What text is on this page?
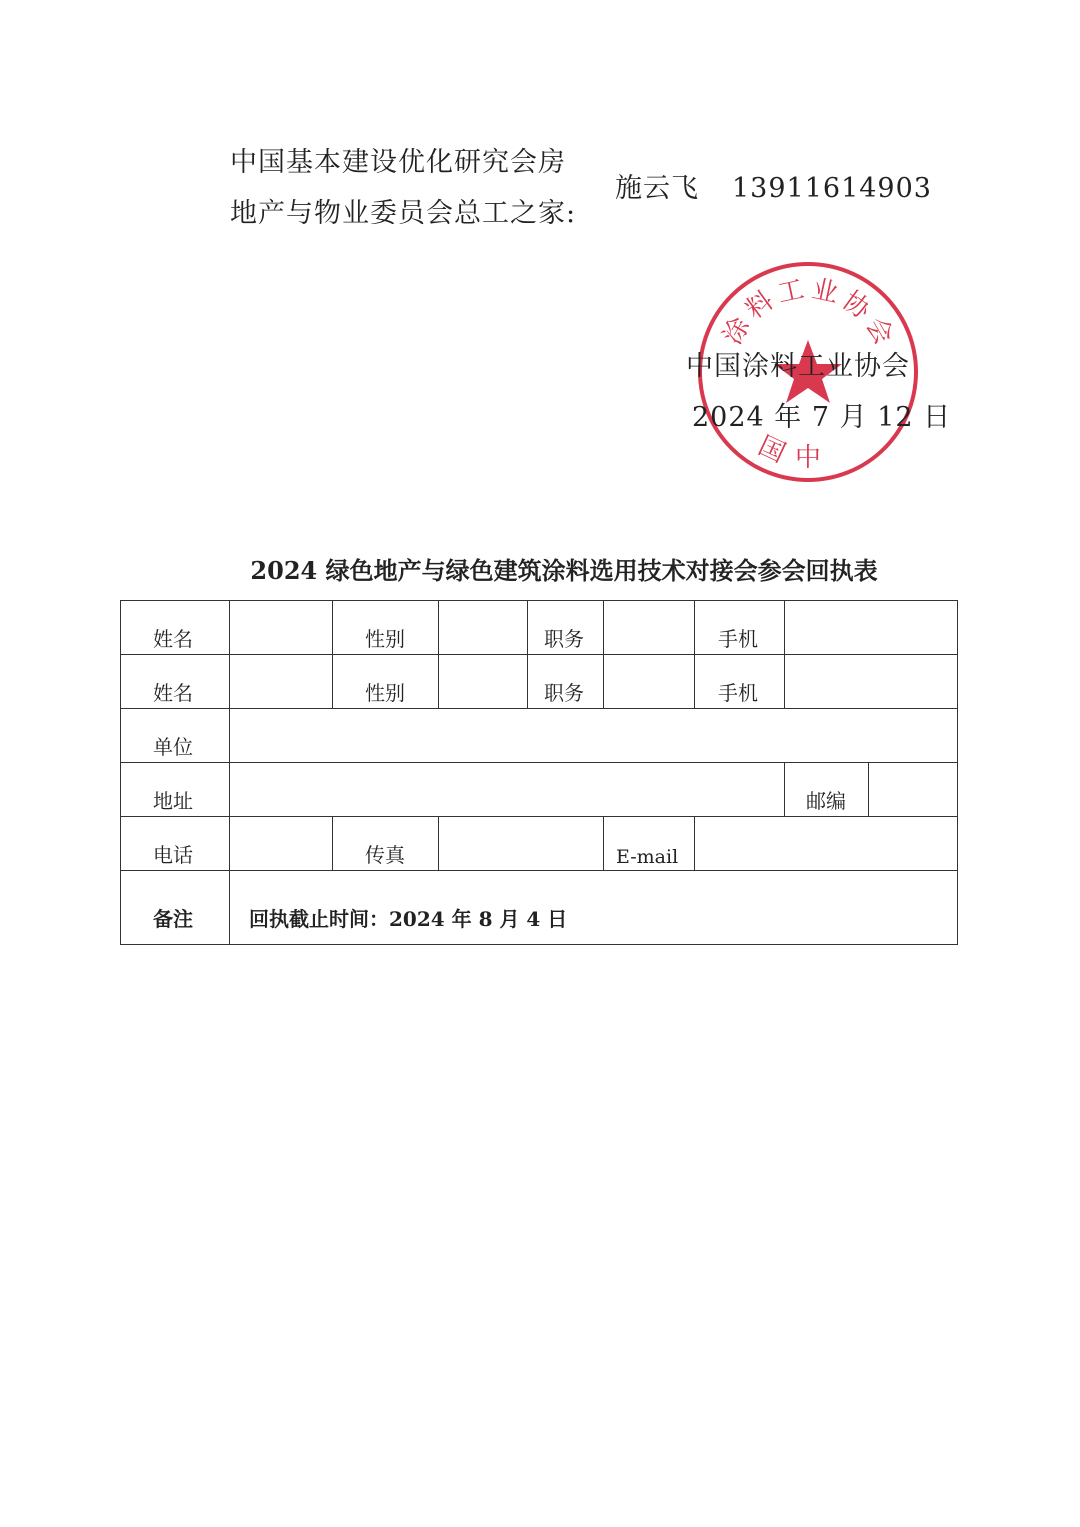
中国基本建设优化研究会房
地产与物业委员会总工之家:
施云飞 13911614903
中
国
涂
料
工 业
协
会
中国涂料工业协会
2024 年 7 月 12 日
2024 绿色地产与绿色建筑涂料选用技术对接会参会回执表
姓名	性别	职务	手机
姓名	性别	职务	手机
单位
地址	邮编
电话	传真	E-mail
备注	回执截止时间：2024 年 8 月 4 日
